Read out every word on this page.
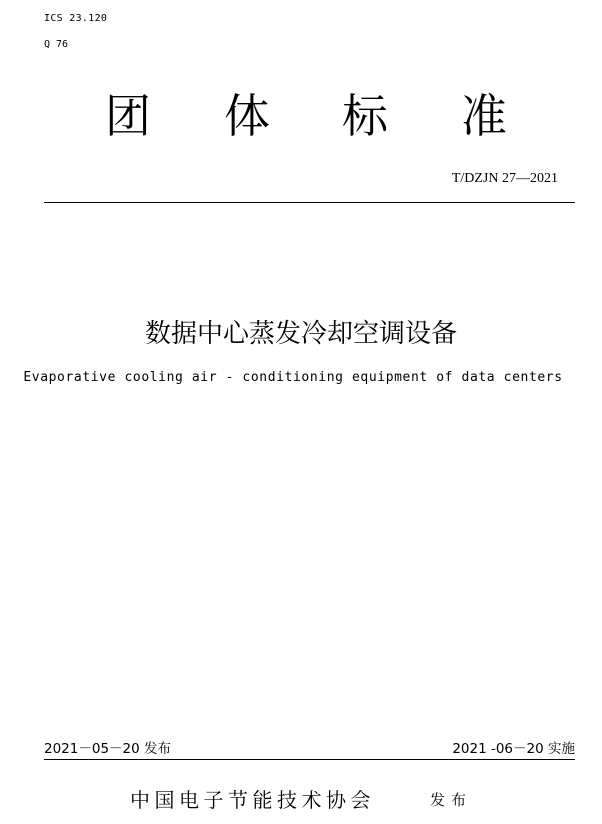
ICS 23.120
Q 76
团 体 标 准
T/DZJN 27—2021
数据中心蒸发冷却空调设备
Evaporative cooling air - conditioning equipment of data centers
2021－05－20 发布	2021 -06－20 实施
中国电子节能技术协会	发布
